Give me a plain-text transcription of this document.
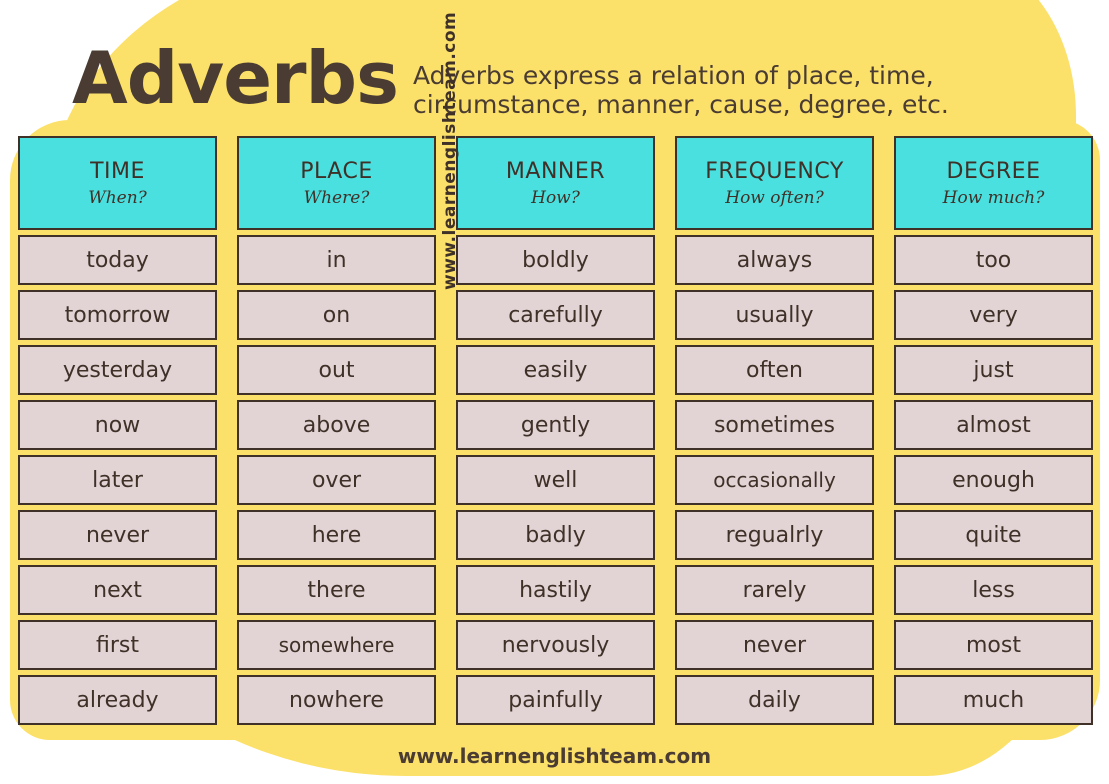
Adverbs Adverbs express a relation of place, time, circumstance, manner, cause, degree, etc.
TIME
When?
today
tomorrow
yesterday
now
later
never
next
first
already
PLACE
Where?
in
on
out
above
over
here
there
somewhere
nowhere
MANNER
How?
boldly
carefully
easily
gently
well
badly
hastily
nervously
painfully
FREQUENCY
How often?
always
usually
often
sometimes
occasionally
regualrly
rarely
never
daily
DEGREE
How much?
too
very
just
almost
enough
quite
less
most
much
www.learnenglishteam.com
www.learnenglishteam.com
